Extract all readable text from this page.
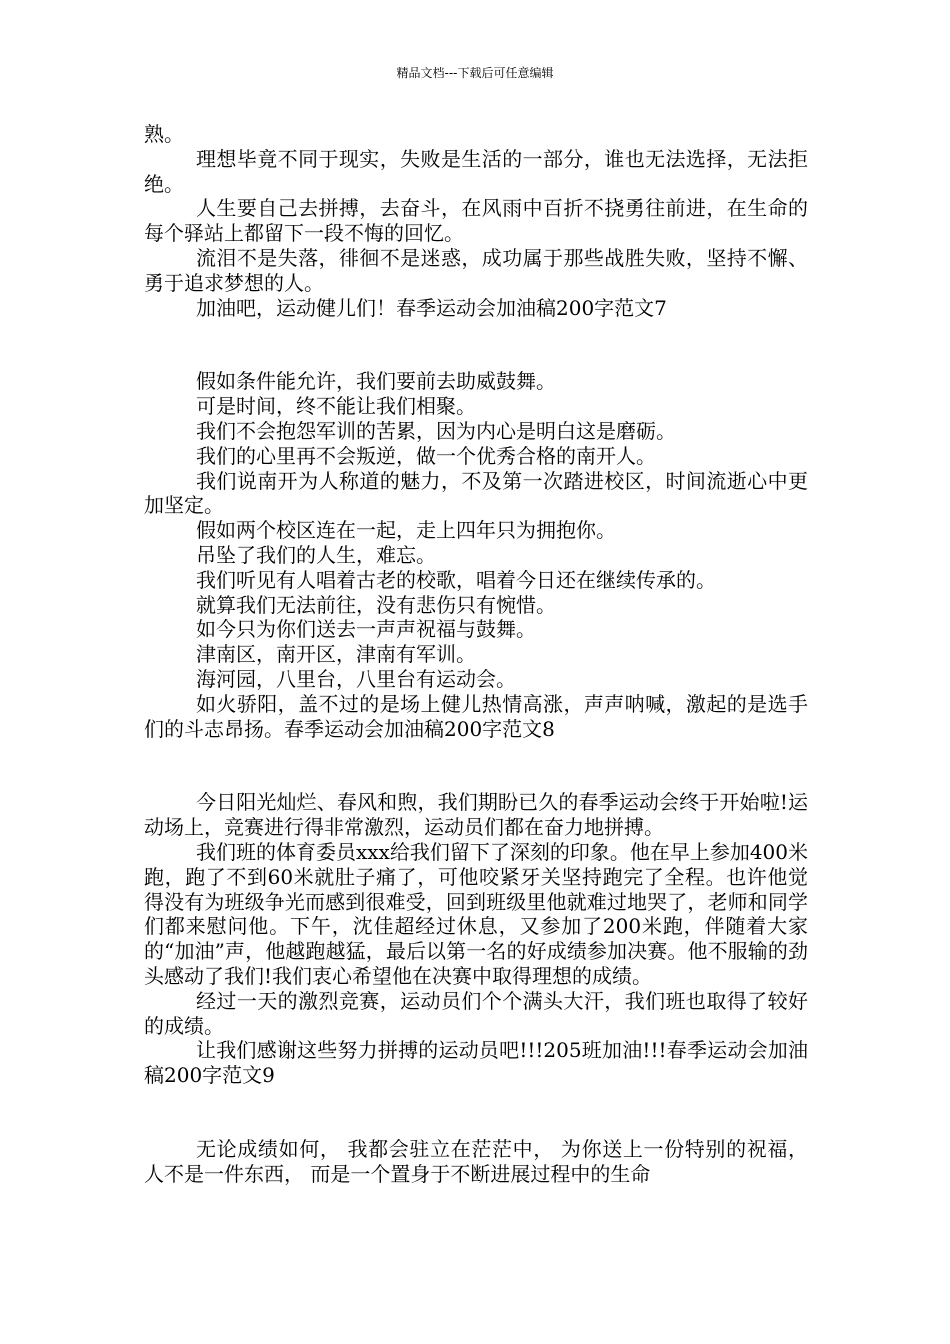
精品文档---下载后可任意编辑

熟。

理想毕竟不同于现实，失败是生活的一部分，谁也无法选择，无法拒绝。

人生要自己去拼搏，去奋斗，在风雨中百折不挠勇往前进，在生命的每个驿站上都留下一段不悔的回忆。

流泪不是失落，徘徊不是迷惑，成功属于那些战胜失败，坚持不懈、勇于追求梦想的人。

加油吧，运动健儿们！春季运动会加油稿200字范文7

假如条件能允许，我们要前去助威鼓舞。

可是时间，终不能让我们相聚。

我们不会抱怨军训的苦累，因为内心是明白这是磨砺。

我们的心里再不会叛逆，做一个优秀合格的南开人。

我们说南开为人称道的魅力，不及第一次踏进校区，时间流逝心中更加坚定。

假如两个校区连在一起，走上四年只为拥抱你。

吊坠了我们的人生，难忘。

我们听见有人唱着古老的校歌，唱着今日还在继续传承的。

就算我们无法前往，没有悲伤只有惋惜。

如今只为你们送去一声声祝福与鼓舞。

津南区，南开区，津南有军训。

海河园，八里台，八里台有运动会。

如火骄阳，盖不过的是场上健儿热情高涨，声声呐喊，激起的是选手们的斗志昂扬。春季运动会加油稿200字范文8

今日阳光灿烂、春风和煦，我们期盼已久的春季运动会终于开始啦!运动场上，竞赛进行得非常激烈，运动员们都在奋力地拼搏。

我们班的体育委员xxx给我们留下了深刻的印象。他在早上参加400米跑，跑了不到60米就肚子痛了，可他咬紧牙关坚持跑完了全程。也许他觉得没有为班级争光而感到很难受，回到班级里他就难过地哭了，老师和同学们都来慰问他。下午，沈佳超经过休息，又参加了200米跑，伴随着大家的“加油”声，他越跑越猛，最后以第一名的好成绩参加决赛。他不服输的劲头感动了我们!我们衷心希望他在决赛中取得理想的成绩。

经过一天的激烈竞赛，运动员们个个满头大汗，我们班也取得了较好的成绩。

让我们感谢这些努力拼搏的运动员吧!!!205班加油!!!春季运动会加油稿200字范文9

无论成绩如何， 我都会驻立在茫茫中， 为你送上一份特别的祝福， 人不是一件东西， 而是一个置身于不断进展过程中的生命
